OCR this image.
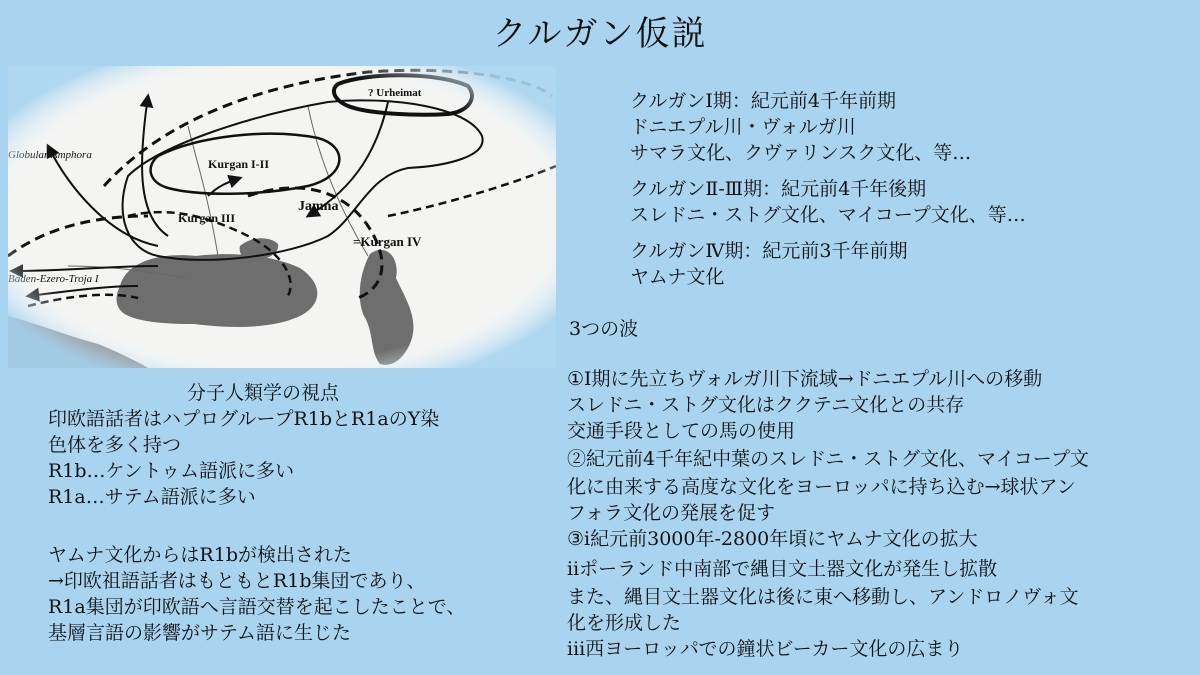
クルガン仮説
分子人類学の視点
印欧語話者はハプログループR1bとR1aのY染
色体を多く持つ
R1b…ケントゥム語派に多い
R1a…サテム語派に多い
ヤムナ文化からはR1bが検出された
→印欧祖語話者はもともとR1b集団であり、
R1a集団が印欧語へ言語交替を起こしたことで、
基層言語の影響がサテム語に生じた
クルガンⅠ期：紀元前4千年前期
ドニエプル川・ヴォルガ川
サマラ文化、クヴァリンスク文化、等…
クルガンⅡ-Ⅲ期：紀元前4千年後期
スレドニ・ストグ文化、マイコープ文化、等…
クルガンⅣ期：紀元前3千年前期
ヤムナ文化
3つの波
①Ⅰ期に先立ちヴォルガ川下流域→ドニエプル川への移動
スレドニ・ストグ文化はククテニ文化との共存
交通手段としての馬の使用
②紀元前4千年紀中葉のスレドニ・ストグ文化、マイコープ文
化に由来する高度な文化をヨーロッパに持ち込む→球状アン
フォラ文化の発展を促す
③ⅰ紀元前3000年-2800年頃にヤムナ文化の拡大
ⅱポーランド中南部で縄目文土器文化が発生し拡散
また、縄目文土器文化は後に東へ移動し、アンドロノヴォ文
化を形成した
ⅲ西ヨーロッパでの鐘状ビーカー文化の広まり
